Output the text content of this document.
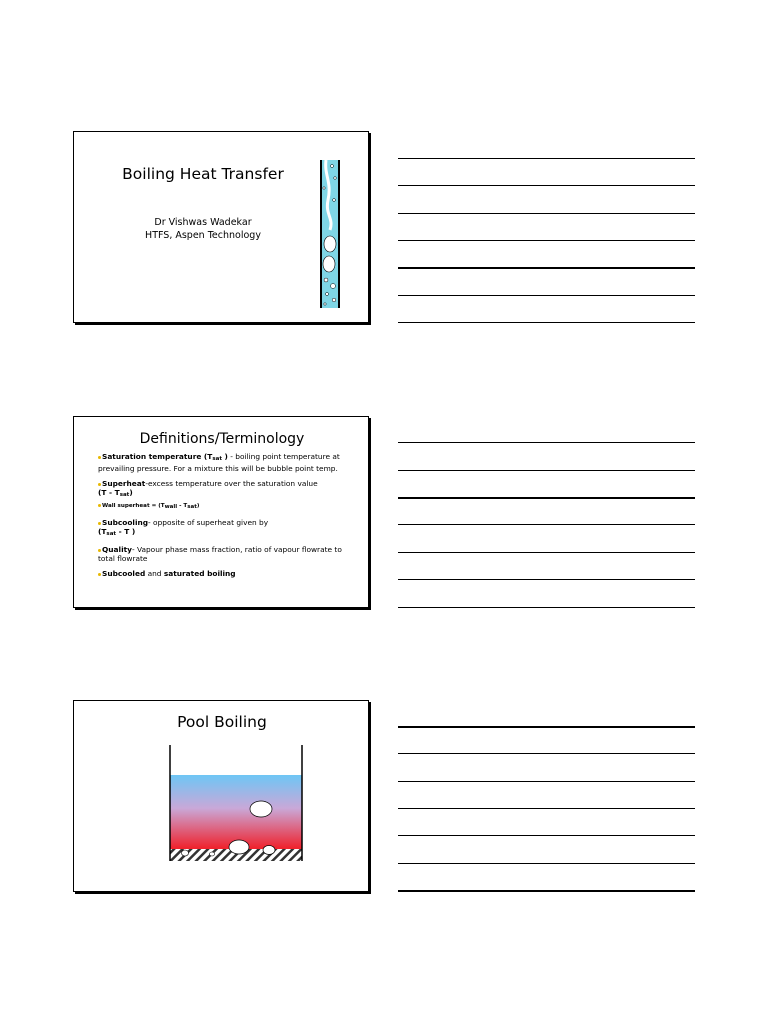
Boiling Heat Transfer
Dr Vishwas Wadekar
HTFS, Aspen Technology
Definitions/Terminology

Saturation temperature ($T_{sat}$ ) - boiling point temperature at prevailing pressure. For a mixture this will be bubble point temp.

Superheat-excess temperature over the saturation value
$(T - T_{sat})$
Wall superheat = $(T_{wall} - T_{sat})$

Subcooling- opposite of superheat given by
($T_{sat}$ - T )

Quality- Vapour phase mass fraction, ratio of vapour flowrate to total flowrate

Subcooled and saturated boiling

Pool Boiling
